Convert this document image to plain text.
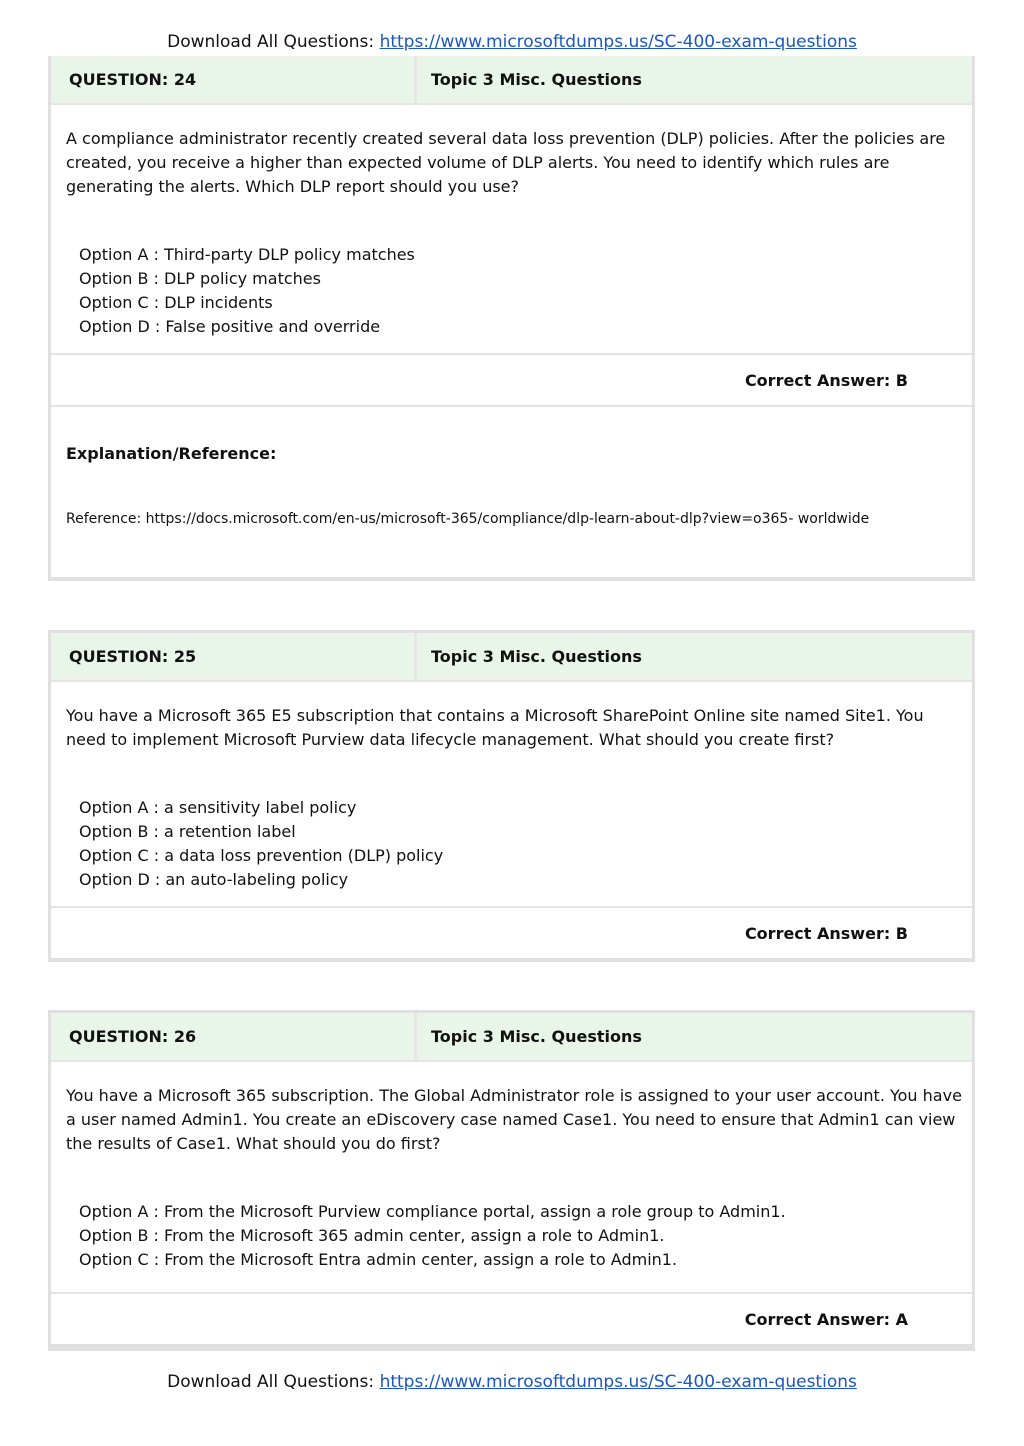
Download All Questions: https://www.microsoftdumps.us/SC-400-exam-questions
QUESTION: 24	Topic 3 Misc. Questions
A compliance administrator recently created several data loss prevention (DLP) policies. After the policies are created, you receive a higher than expected volume of DLP alerts. You need to identify which rules are generating the alerts. Which DLP report should you use?
Option A : Third-party DLP policy matches
Option B : DLP policy matches
Option C : DLP incidents
Option D : False positive and override
Correct Answer: B
Explanation/Reference:
Reference: https://docs.microsoft.com/en-us/microsoft-365/compliance/dlp-learn-about-dlp?view=o365- worldwide
QUESTION: 25	Topic 3 Misc. Questions
You have a Microsoft 365 E5 subscription that contains a Microsoft SharePoint Online site named Site1. You need to implement Microsoft Purview data lifecycle management. What should you create first?
Option A : a sensitivity label policy
Option B : a retention label
Option C : a data loss prevention (DLP) policy
Option D : an auto-labeling policy
Correct Answer: B
QUESTION: 26	Topic 3 Misc. Questions
You have a Microsoft 365 subscription. The Global Administrator role is assigned to your user account. You have a user named Admin1. You create an eDiscovery case named Case1. You need to ensure that Admin1 can view the results of Case1. What should you do first?
Option A : From the Microsoft Purview compliance portal, assign a role group to Admin1.
Option B : From the Microsoft 365 admin center, assign a role to Admin1.
Option C : From the Microsoft Entra admin center, assign a role to Admin1.
Correct Answer: A
Download All Questions: https://www.microsoftdumps.us/SC-400-exam-questions
